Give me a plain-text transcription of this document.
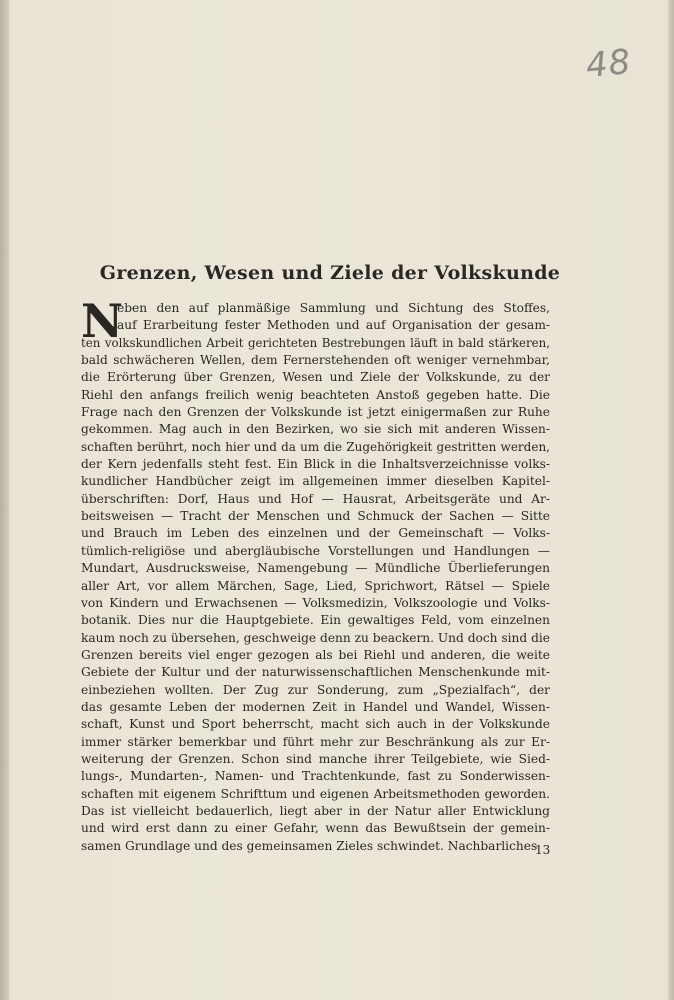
48
Grenzen, Wesen und Ziele der Volkskunde
N
eben den auf planmäßige Sammlung und Sichtung des Stoffes,
auf Erarbeitung fester Methoden und auf Organisation der gesam-
ten volkskundlichen Arbeit gerichteten Bestrebungen läuft in bald stärkeren,
bald schwächeren Wellen, dem Fernerstehenden oft weniger vernehmbar,
die Erörterung über Grenzen, Wesen und Ziele der Volkskunde, zu der
Riehl den anfangs freilich wenig beachteten Anstoß gegeben hatte. Die
Frage nach den Grenzen der Volkskunde ist jetzt einigermaßen zur Ruhe
gekommen. Mag auch in den Bezirken, wo sie sich mit anderen Wissen-
schaften berührt, noch hier und da um die Zugehörigkeit gestritten werden,
der Kern jedenfalls steht fest. Ein Blick in die Inhaltsverzeichnisse volks-
kundlicher Handbücher zeigt im allgemeinen immer dieselben Kapitel-
überschriften: Dorf, Haus und Hof — Hausrat, Arbeitsgeräte und Ar-
beitsweisen — Tracht der Menschen und Schmuck der Sachen — Sitte
und Brauch im Leben des einzelnen und der Gemeinschaft — Volks-
tümlich-religiöse und abergläubische Vorstellungen und Handlungen —
Mundart, Ausdrucksweise, Namengebung — Mündliche Überlieferungen
aller Art, vor allem Märchen, Sage, Lied, Sprichwort, Rätsel — Spiele
von Kindern und Erwachsenen — Volksmedizin, Volkszoologie und Volks-
botanik. Dies nur die Hauptgebiete. Ein gewaltiges Feld, vom einzelnen
kaum noch zu übersehen, geschweige denn zu beackern. Und doch sind die
Grenzen bereits viel enger gezogen als bei Riehl und anderen, die weite
Gebiete der Kultur und der naturwissenschaftlichen Menschenkunde mit-
einbeziehen wollten. Der Zug zur Sonderung, zum „Spezialfach“, der
das gesamte Leben der modernen Zeit in Handel und Wandel, Wissen-
schaft, Kunst und Sport beherrscht, macht sich auch in der Volkskunde
immer stärker bemerkbar und führt mehr zur Beschränkung als zur Er-
weiterung der Grenzen. Schon sind manche ihrer Teilgebiete, wie Sied-
lungs-, Mundarten-, Namen- und Trachtenkunde, fast zu Sonderwissen-
schaften mit eigenem Schrifttum und eigenen Arbeitsmethoden geworden.
Das ist vielleicht bedauerlich, liegt aber in der Natur aller Entwicklung
und wird erst dann zu einer Gefahr, wenn das Bewußtsein der gemein-
samen Grundlage und des gemeinsamen Zieles schwindet. Nachbarliches
13
